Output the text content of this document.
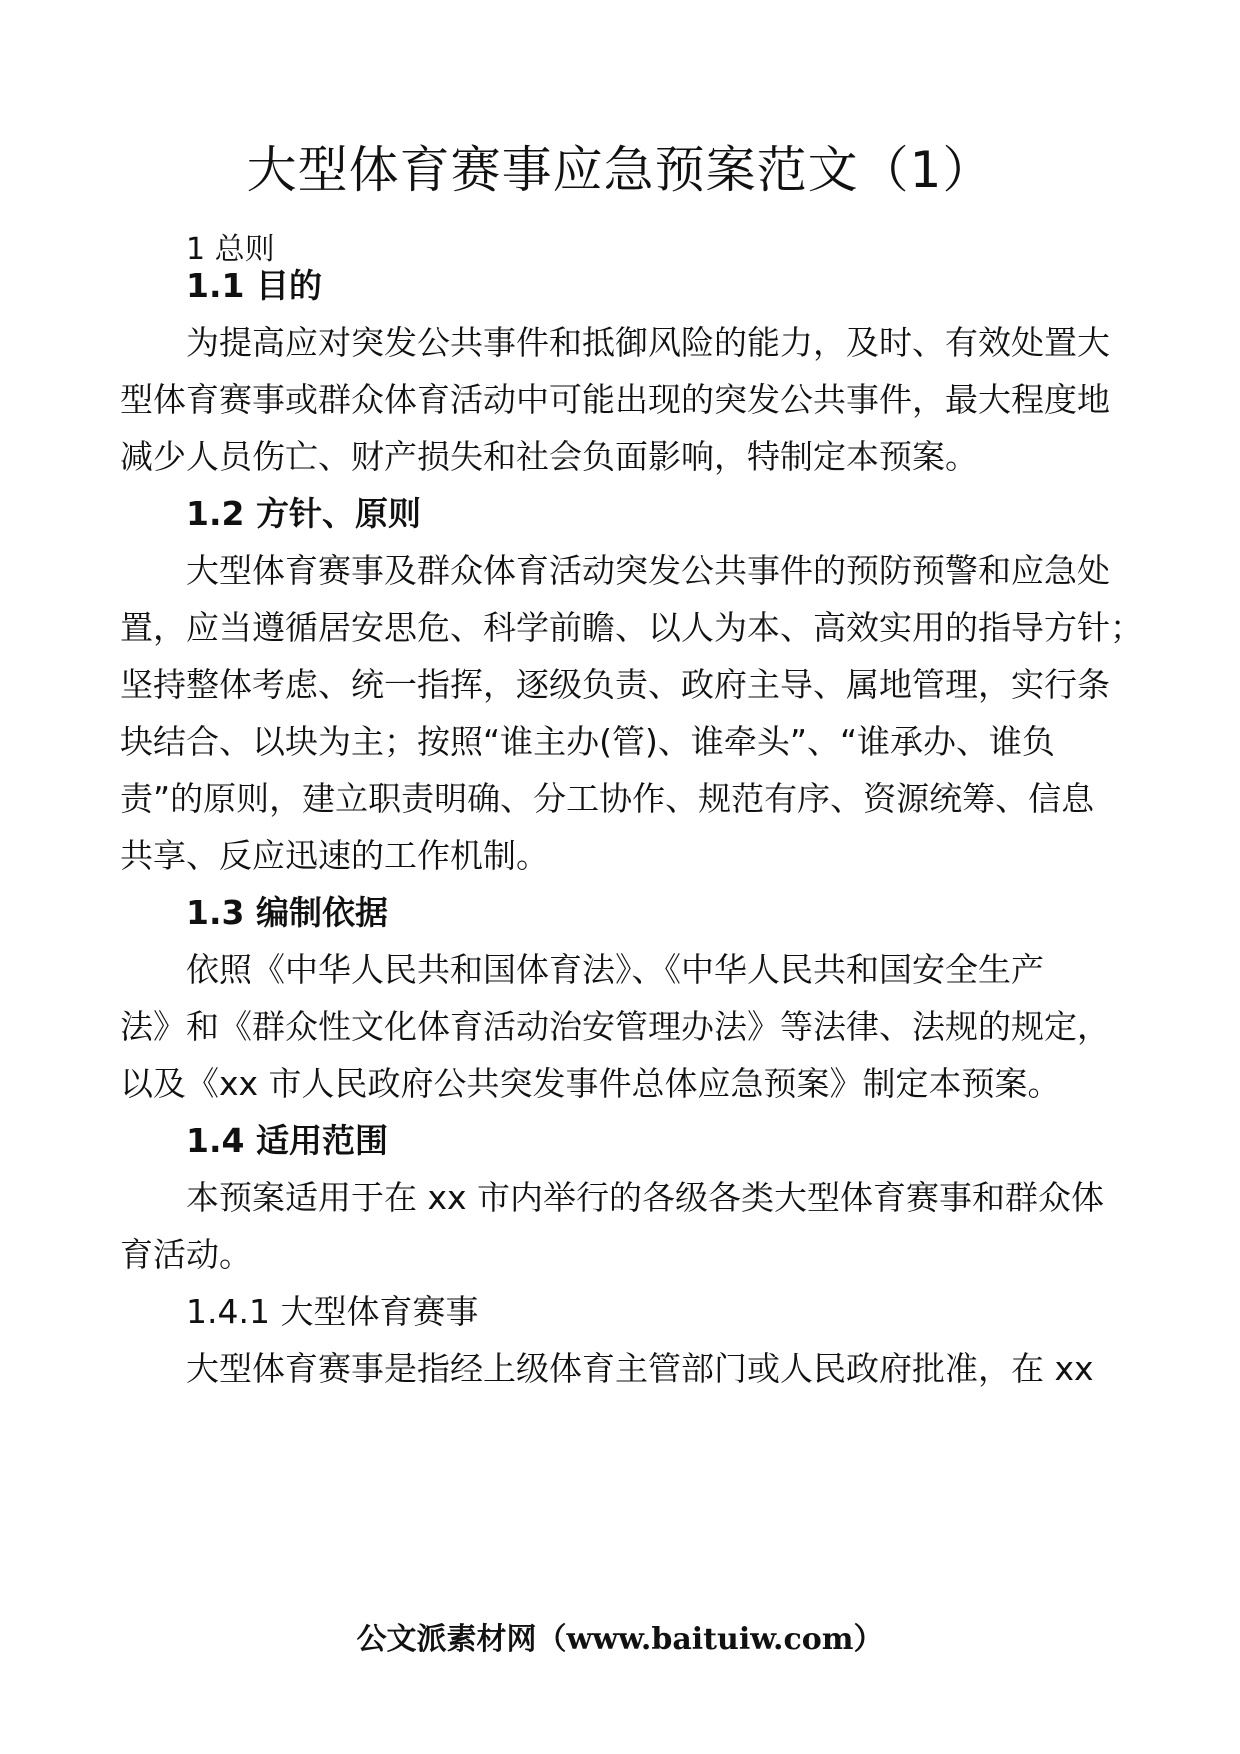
大型体育赛事应急预案范文（1）
1 总则
1.1 目的
为提高应对突发公共事件和抵御风险的能力，及时、有效处置大
型体育赛事或群众体育活动中可能出现的突发公共事件，最大程度地
减少人员伤亡、财产损失和社会负面影响，特制定本预案。
1.2 方针、原则
大型体育赛事及群众体育活动突发公共事件的预防预警和应急处
置，应当遵循居安思危、科学前瞻、以人为本、高效实用的指导方针；
坚持整体考虑、统一指挥，逐级负责、政府主导、属地管理，实行条
块结合、以块为主；按照“谁主办(管)、谁牵头”、“谁承办、谁负
责”的原则，建立职责明确、分工协作、规范有序、资源统筹、信息
共享、反应迅速的工作机制。
1.3 编制依据
依照《中华人民共和国体育法》、《中华人民共和国安全生产
法》和《群众性文化体育活动治安管理办法》等法律、法规的规定，
以及《xx 市人民政府公共突发事件总体应急预案》制定本预案。
1.4 适用范围
本预案适用于在 xx 市内举行的各级各类大型体育赛事和群众体
育活动。
1.4.1 大型体育赛事
大型体育赛事是指经上级体育主管部门或人民政府批准，在 xx
公文派素材网（www.baituiw.com）
